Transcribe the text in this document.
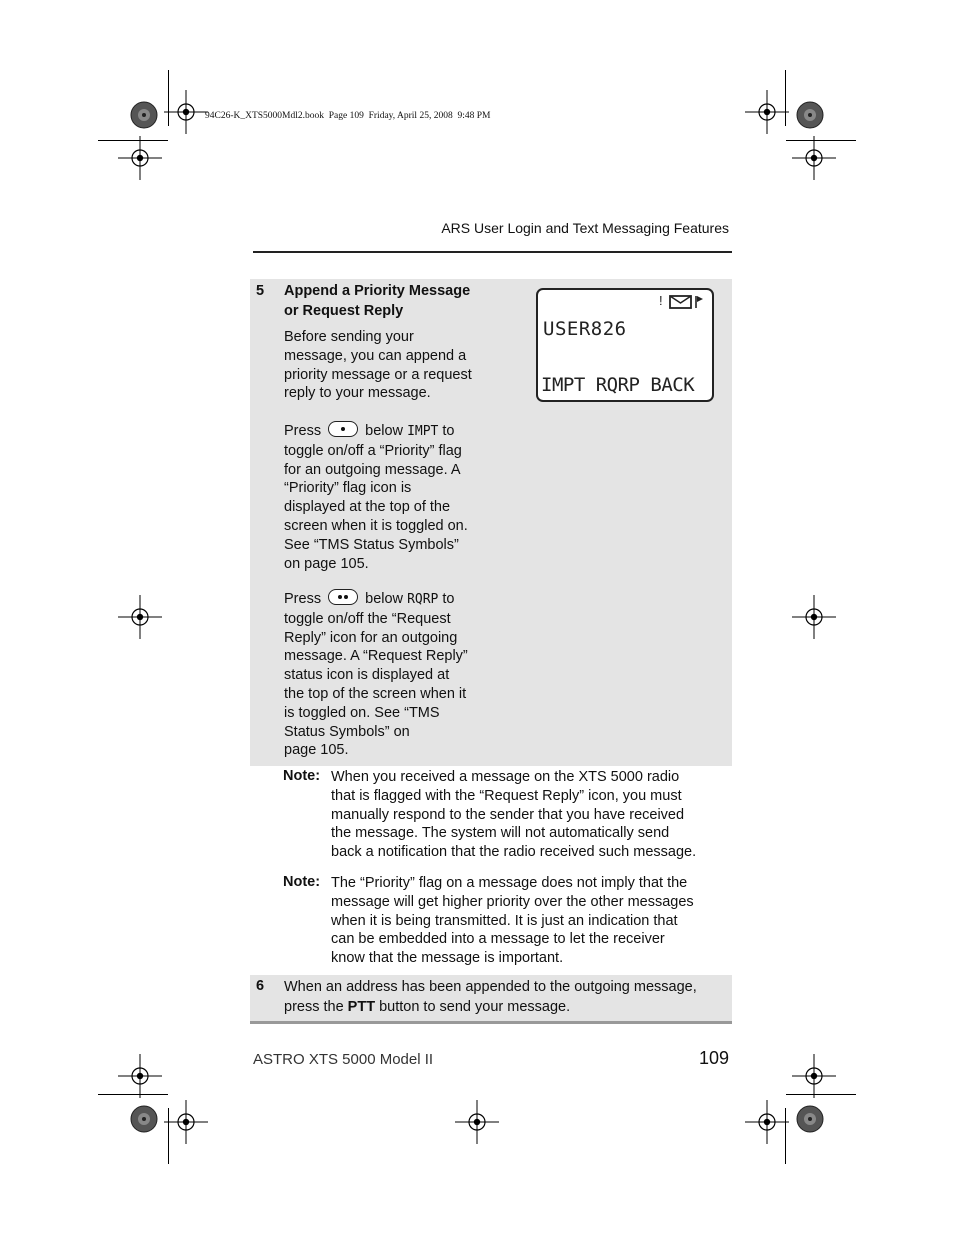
94C26-K_XTS5000Mdl2.book  Page 109  Friday, April 25, 2008  9:48 PM
ARS User Login and Text Messaging Features
5 Append a Priority Message
or Request Reply
Before sending your
message, you can append a
priority message or a request
reply to your message.
Press	below IMPT to
toggle on/off a “Priority” flag
for an outgoing message. A
“Priority” flag icon is
displayed at the top of the
screen when it is toggled on.
See “TMS Status Symbols”
on page 105.
Press	below RQRP to
toggle on/off the “Request
Reply” icon for an outgoing
message. A “Request Reply”
status icon is displayed at
the top of the screen when it
is toggled on. See “TMS
Status Symbols” on
page 105.
!
USER826
IMPT RQRP BACK
Note: When you received a message on the XTS 5000 radio
that is flagged with the “Request Reply” icon, you must
manually respond to the sender that you have received
the message. The system will not automatically send
back a notification that the radio received such message.
Note: The “Priority” flag on a message does not imply that the
message will get higher priority over the other messages
when it is being transmitted. It is just an indication that
can be embedded into a message to let the receiver
know that the message is important.
6 When an address has been appended to the outgoing message,
press the PTT button to send your message.
ASTRO XTS 5000 Model II	109
